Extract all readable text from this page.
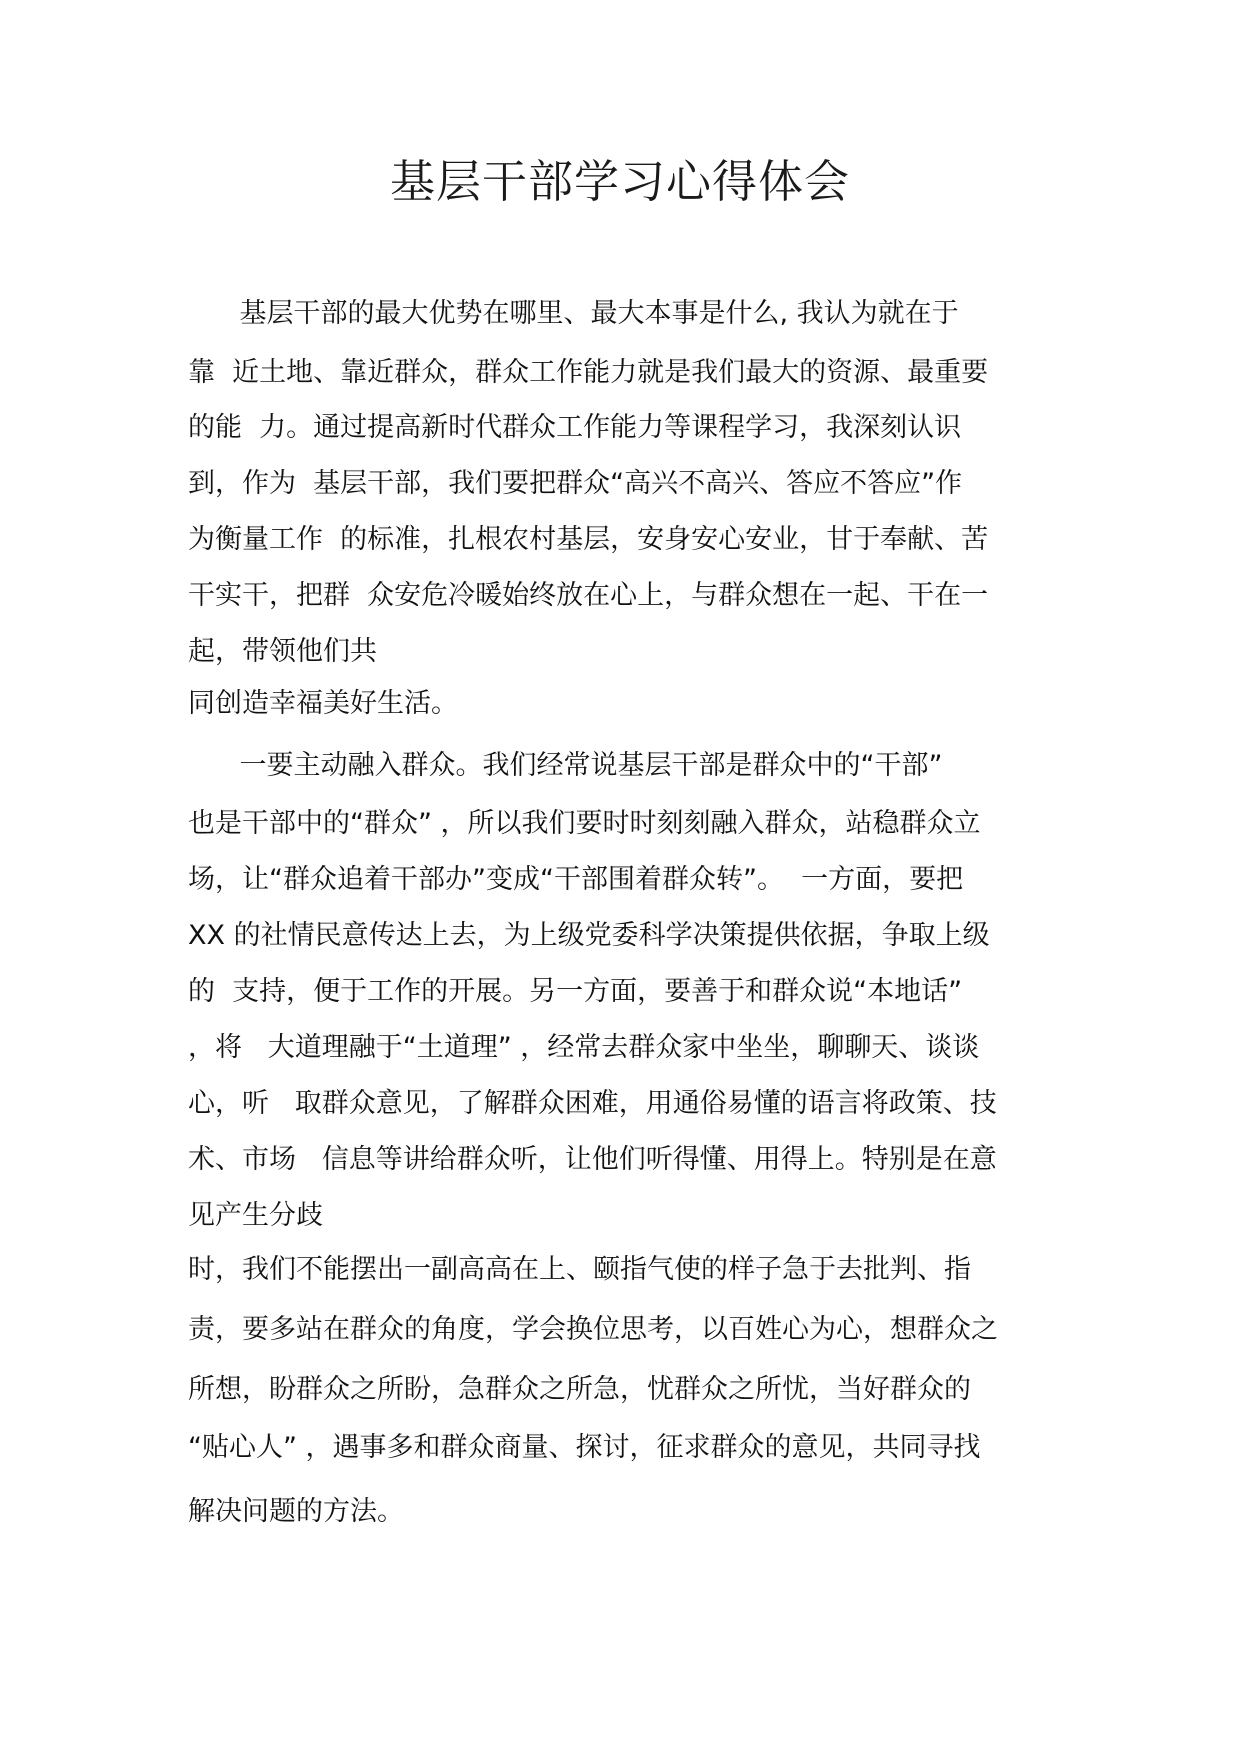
基层干部学习心得体会
基层干部的最大优势在哪里、最大本事是什么, 我认为就在于
靠  近土地、靠近群众，群众工作能力就是我们最大的资源、最重要
的能  力。通过提高新时代群众工作能力等课程学习，我深刻认识
到，作为  基层干部，我们要把群众“高兴不高兴、答应不答应”作
为衡量工作  的标准，扎根农村基层，安身安心安业，甘于奉献、苦
干实干，把群  众安危冷暖始终放在心上，与群众想在一起、干在一
起，带领他们共
同创造幸福美好生活。
一要主动融入群众。我们经常说基层干部是群众中的“干部”
也是干部中的“群众” ，所以我们要时时刻刻融入群众，站稳群众立
场，让“群众追着干部办”变成“干部围着群众转”。  一方面，要把
XX 的社情民意传达上去，为上级党委科学决策提供依据，争取上级
的  支持，便于工作的开展。另一方面，要善于和群众说“本地话”
，将   大道理融于“土道理” ，经常去群众家中坐坐，聊聊天、谈谈
心，听   取群众意见，了解群众困难，用通俗易懂的语言将政策、技
术、市场   信息等讲给群众听，让他们听得懂、用得上。特别是在意
见产生分歧
时，我们不能摆出一副高高在上、颐指气使的样子急于去批判、指
责，要多站在群众的角度，学会换位思考，以百姓心为心，想群众之
所想，盼群众之所盼，急群众之所急，忧群众之所忧，当好群众的
“贴心人” ，遇事多和群众商量、探讨，征求群众的意见，共同寻找
解决问题的方法。
